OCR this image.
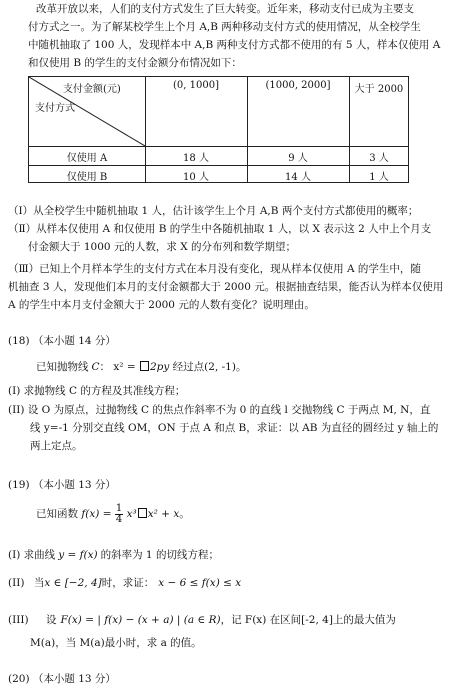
改革开放以来，人们的支付方式发生了巨大转变。近年来，移动支付已成为主要支
付方式之一。为了解某校学生上个月 A,B 两种移动支付方式的使用情况，从全校学生
中随机抽取了 100 人，发现样本中 A,B 两种支付方式都不使用的有 5 人，样本仅使用 A
和仅使用 B 的学生的支付金额分布情况如下：
支付金额(元)
支付方式
(0, 1000]	(1000, 2000]	大于 2000
仅使用 A	18 人	9 人	3 人
仅使用 B	10 人	14 人	1 人
（Ⅰ）从全校学生中随机抽取 1 人，估计该学生上个月 A,B 两个支付方式都使用的概率；
（Ⅱ）从样本仅使用 A 和仅使用 B 的学生中各随机抽取 1 人，以 X 表示这 2 人中上个月支
付金额大于 1000 元的人数，求 X 的分布列和数学期望；
（Ⅲ）已知上个月样本学生的支付方式在本月没有变化，现从样本仅使用 A 的学生中，随
机抽查 3 人，发现他们本月的支付金额都大于 2000 元。根据抽查结果，能否认为样本仅使用
A 的学生中本月支付金额大于 2000 元的人数有变化？说明理由。
(18) （本小题 14 分）
已知抛物线 C： x² = 2py 经过点(2, -1)。
(I) 求抛物线 C 的方程及其准线方程；
(II) 设 O 为原点，过抛物线 C 的焦点作斜率不为 0 的直线 l 交抛物线 C 于两点 M, N，直
线 y=-1 分别交直线 OM，ON 于点 A 和点 B，求证：以 AB 为直径的圆经过 y 轴上的
两上定点。
(19) （本小题 13 分）
已知函数 $f(x) = \frac{1}{4} x^3$ x² + x。
(I) 求曲线 y = f(x) 的斜率为 1 的切线方程；
(II) 当x ∈ [−2, 4]时，求证： x − 6 ≤ f(x) ≤ x
(III) 设 F(x) = | f(x) − (x + a) | (a ∈ R)，记 F(x) 在区间[-2, 4]上的最大值为
M(a)，当 M(a)最小时，求 a 的值。
(20) （本小题 13 分）
